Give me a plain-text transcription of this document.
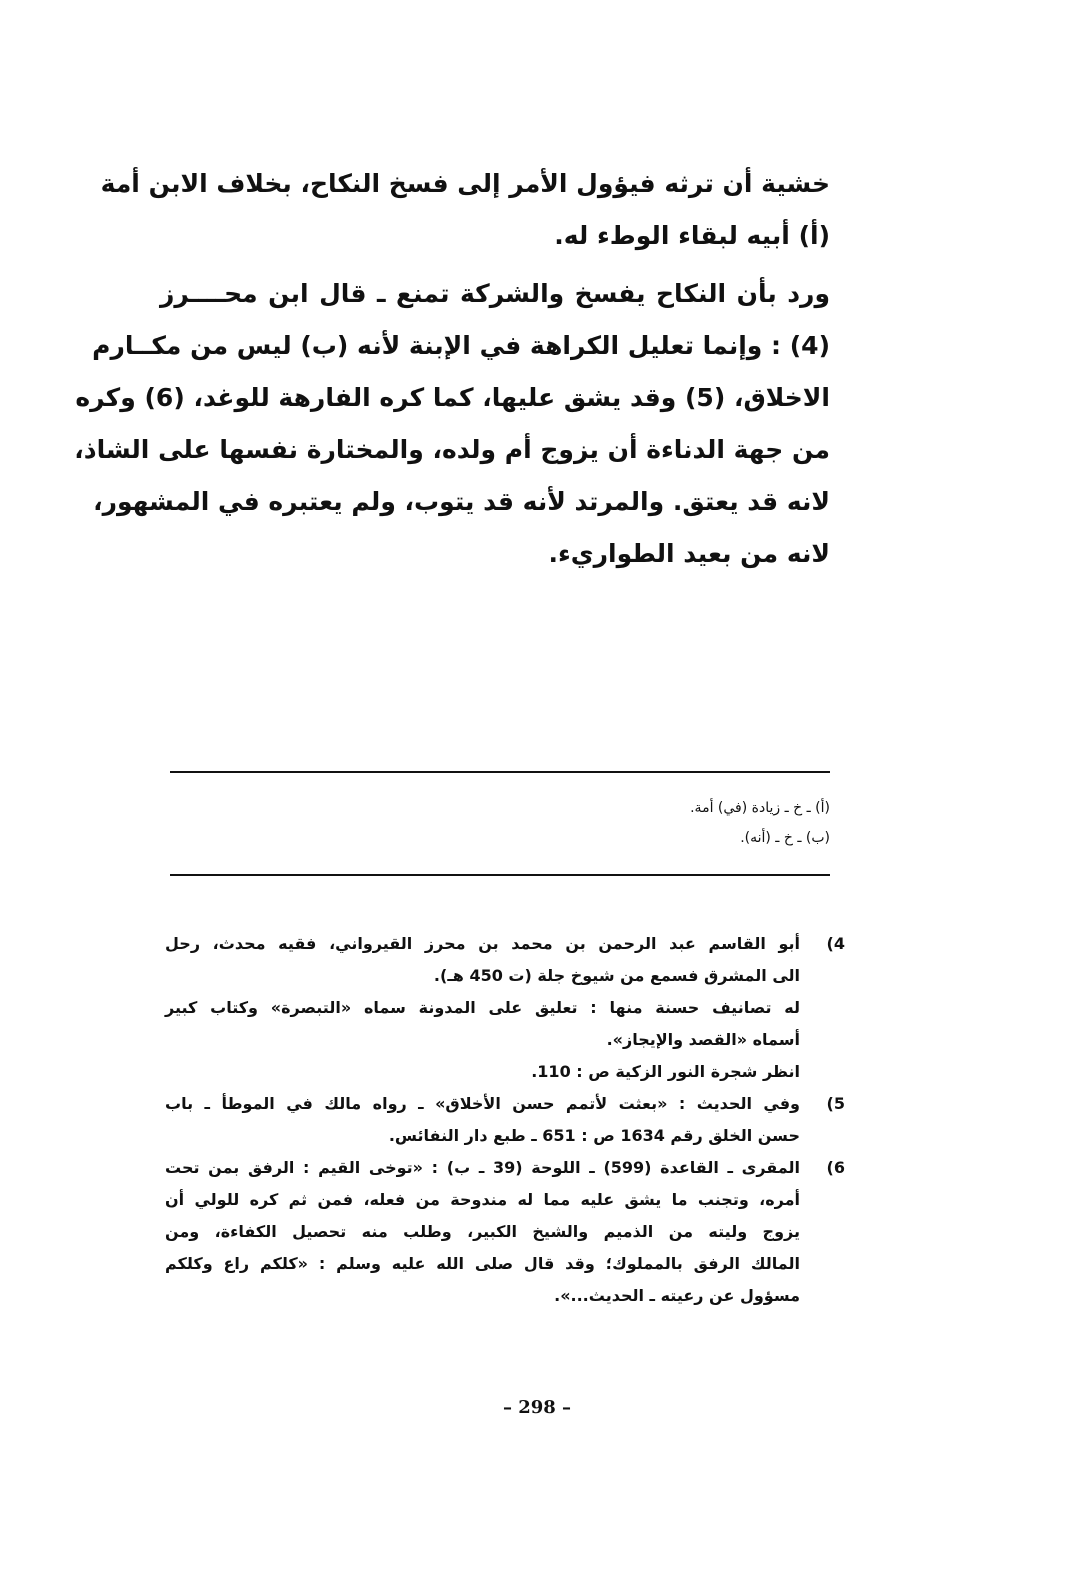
خشية أن ترثه فيؤول الأمر إلى فسخ النكاح، بخلاف الابن أمة
(أ) أبيه لبقاء الوطء له.
ورد بأن النكاح يفسخ والشركة تمنع ـ قال ابن محــــرز
(4) : وإنما تعليل الكراهة في الإبنة لأنه (ب) ليس من مكــارم
الاخلاق، (5) وقد يشق عليها، كما كره الفارهة للوغد، (6) وكره
من جهة الدناءة أن يزوج أم ولده، والمختارة نفسها على الشاذ،
لانه قد يعتق. والمرتد لأنه قد يتوب، ولم يعتبره في المشهور،
لانه من بعيد الطواريء.
(أ) ـ خ ـ زيادة (في) أمة.
(ب) ـ خ ـ (أنه).
4)
أبو القاسم عبد الرحمن بن محمد بن محرز القيرواني، فقيه محدث، رحل
الى المشرق فسمع من شيوخ جلة (ت 450 هـ).
له تصانيف حسنة منها : تعليق على المدونة سماه «التبصرة» وكتاب كبير
أسماه «القصد والإيجاز».
انظر شجرة النور الزكية ص : 110.
5)
وفي الحديث : «بعثت لأتمم حسن الأخلاق» ـ رواه مالك في الموطأ ـ باب
حسن الخلق رقم 1634 ص : 651 ـ طبع دار النفائس.
6)
المقرى ـ القاعدة (599) ـ اللوحة (39 ـ ب) : «توخى القيم : الرفق بمن تحت
أمره، وتجنب ما يشق عليه مما له مندوحة من فعله، فمن ثم كره للولي أن
يزوج وليته من الذميم والشيخ الكبير، وطلب منه تحصيل الكفاءة، ومن
المالك الرفق بالمملوك؛ وقد قال صلى الله عليه وسلم : «كلكم راع وكلكم
مسؤول عن رعيته ـ الحديث...».
– 298 –
